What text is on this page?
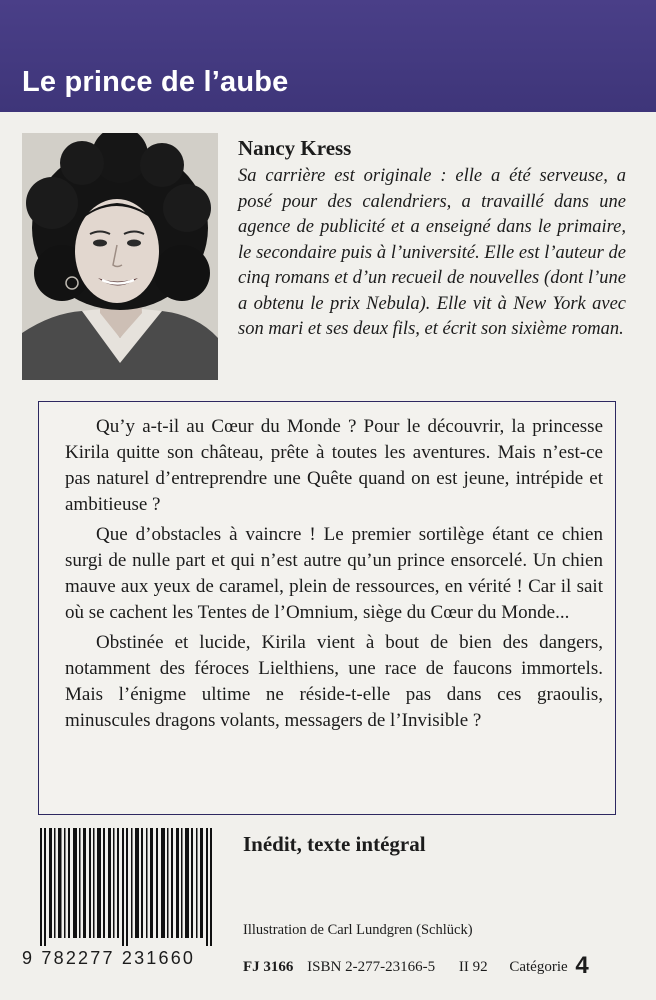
Le prince de l’aube
Nancy Kress

Sa carrière est originale : elle a été serveuse, a posé pour des calendriers, a travaillé dans une agence de publicité et a enseigné dans le primaire, le secondaire puis à l’université. Elle est l’auteur de cinq romans et d’un recueil de nouvelles (dont l’une a obtenu le prix Nebula). Elle vit à New York avec son mari et ses deux fils, et écrit son sixième roman.

Qu’y a-t-il au Cœur du Monde ? Pour le découvrir, la princesse Kirila quitte son château, prête à toutes les aventures. Mais n’est-ce pas naturel d’entreprendre une Quête quand on est jeune, intrépide et ambitieuse ?

Que d’obstacles à vaincre ! Le premier sortilège étant ce chien surgi de nulle part et qui n’est autre qu’un prince ensorcelé. Un chien mauve aux yeux de caramel, plein de ressources, en vérité ! Car il sait où se cachent les Tentes de l’Omnium, siège du Cœur du Monde...

Obstinée et lucide, Kirila vient à bout de bien des dangers, notamment des féroces Lielthiens, une race de faucons immortels. Mais l’énigme ultime ne réside-t-elle pas dans ces graoulis, minuscules dragons volants, messagers de l’Invisible ?

9 782277 231660

Inédit, texte intégral

Illustration de Carl Lundgren (Schlück)

FJ 3166 ISBN 2-277-23166-5 II 92 Catégorie 4
